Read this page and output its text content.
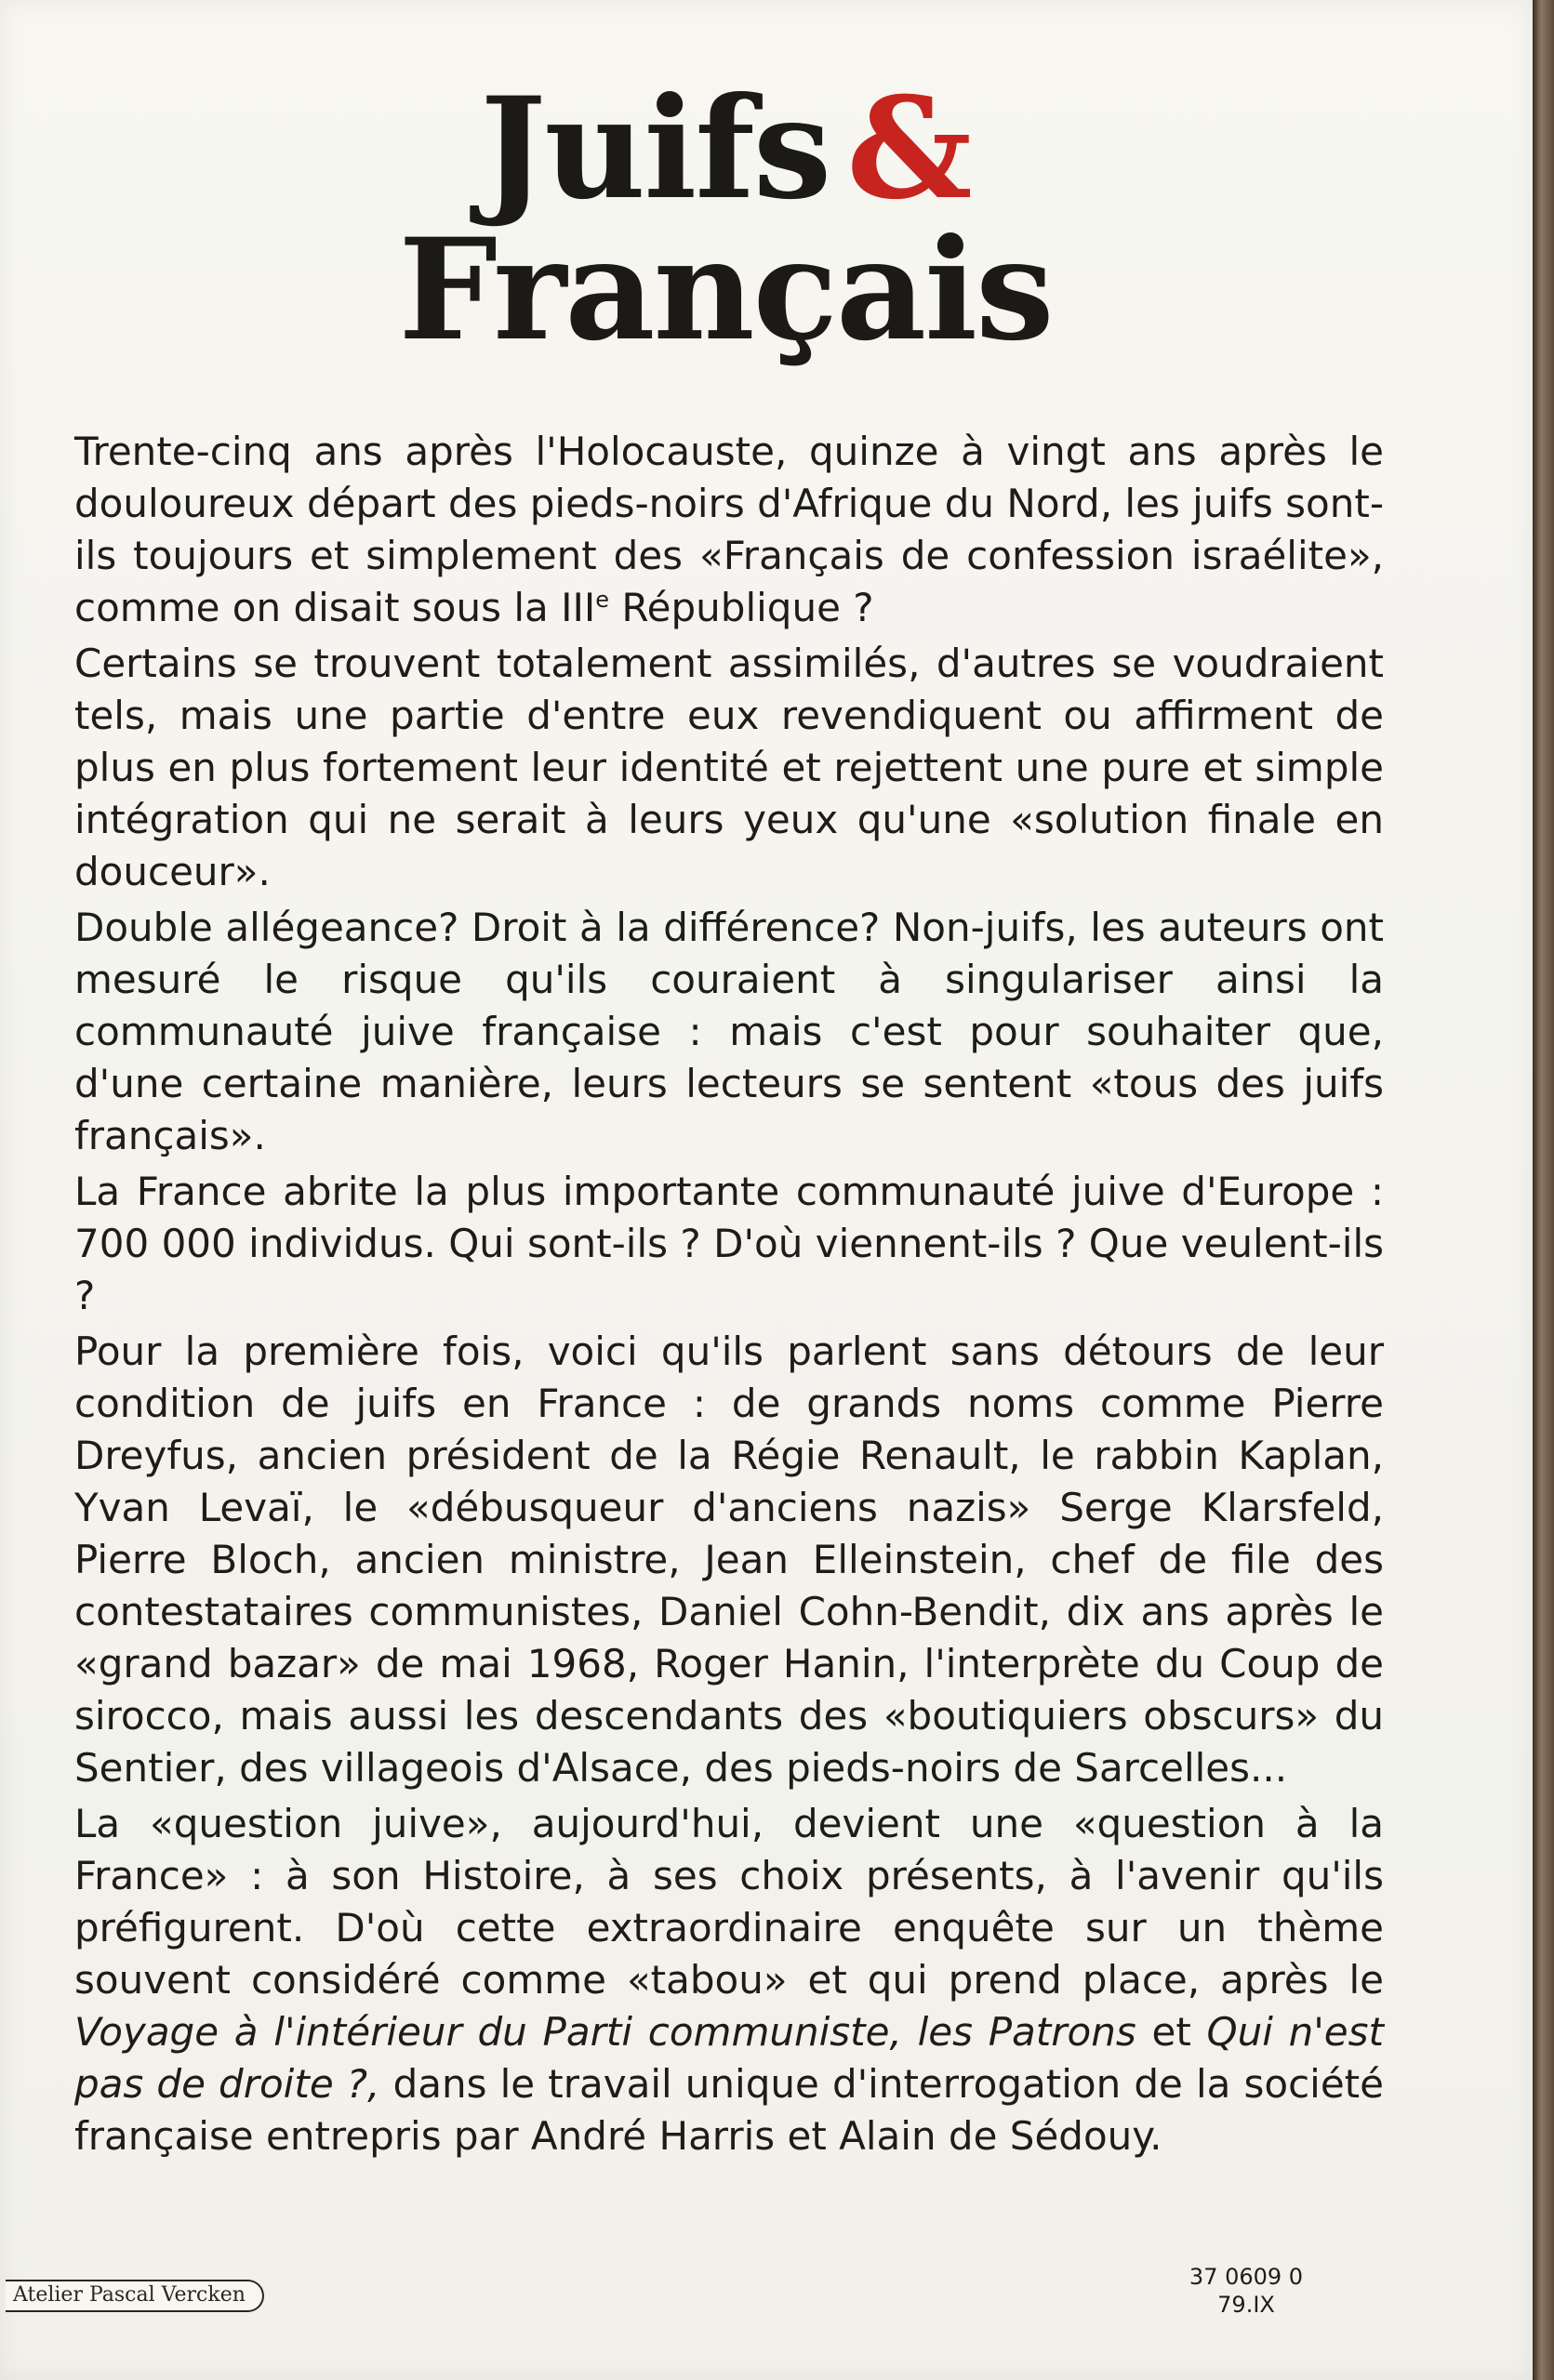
Juifs &
Français

Trente-cinq ans après l'Holocauste, quinze à vingt ans après le douloureux départ des pieds-noirs d'Afrique du Nord, les juifs sont-ils toujours et simplement des «Français de confession israélite», comme on disait sous la IIIe République ?

Certains se trouvent totalement assimilés, d'autres se voudraient tels, mais une partie d'entre eux revendiquent ou affirment de plus en plus fortement leur identité et rejettent une pure et simple intégration qui ne serait à leurs yeux qu'une «solution finale en douceur».

Double allégeance? Droit à la différence? Non-juifs, les auteurs ont mesuré le risque qu'ils couraient à singulariser ainsi la communauté juive française : mais c'est pour souhaiter que, d'une certaine manière, leurs lecteurs se sentent «tous des juifs français».

La France abrite la plus importante communauté juive d'Europe : 700 000 individus. Qui sont-ils ? D'où viennent-ils ? Que veulent-ils ?

Pour la première fois, voici qu'ils parlent sans détours de leur condition de juifs en France : de grands noms comme Pierre Dreyfus, ancien président de la Régie Renault, le rabbin Kaplan, Yvan Levaï, le «débusqueur d'anciens nazis» Serge Klarsfeld, Pierre Bloch, ancien ministre, Jean Elleinstein, chef de file des contestataires communistes, Daniel Cohn-Bendit, dix ans après le «grand bazar» de mai 1968, Roger Hanin, l'interprète du Coup de sirocco, mais aussi les descendants des «boutiquiers obscurs» du Sentier, des villageois d'Alsace, des pieds-noirs de Sarcelles...

La «question juive», aujourd'hui, devient une «question à la France» : à son Histoire, à ses choix présents, à l'avenir qu'ils préfigurent. D'où cette extraordinaire enquête sur un thème souvent considéré comme «tabou» et qui prend place, après le Voyage à l'intérieur du Parti communiste, les Patrons et Qui n'est pas de droite ?, dans le travail unique d'interrogation de la société française entrepris par André Harris et Alain de Sédouy.

Atelier Pascal Vercken
37 0609 0
79.IX
